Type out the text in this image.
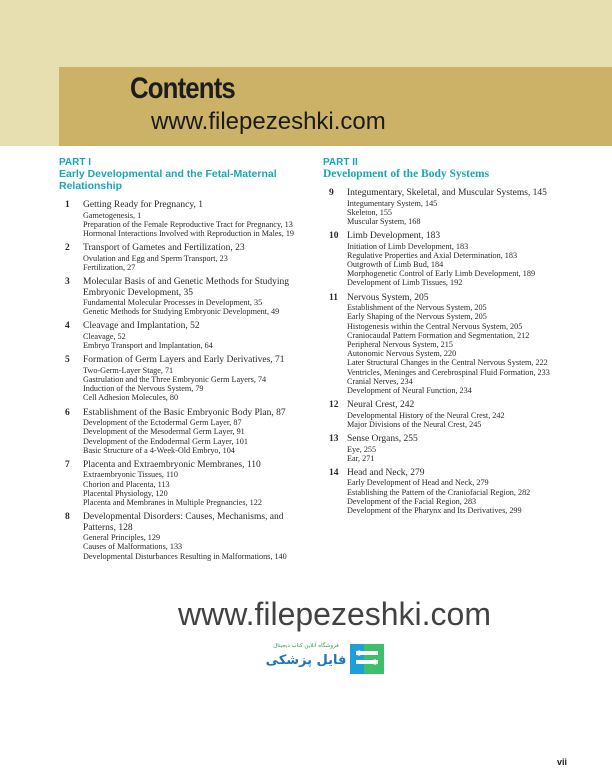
Contents
www.filepezeshki.com

PART I

Early Developmental and the Fetal-Maternal Relationship

1 Getting Ready for Pregnancy, 1
Gametogenesis, 1
Preparation of the Female Reproductive Tract for Pregnancy, 13
Hormonal Interactions Involved with Reproduction in Males, 19
2 Transport of Gametes and Fertilization, 23
Ovulation and Egg and Sperm Transport, 23
Fertilization, 27
3 Molecular Basis of and Genetic Methods for Studying Embryonic Development, 35
Fundamental Molecular Processes in Development, 35
Genetic Methods for Studying Embryonic Development, 49
4 Cleavage and Implantation, 52
Cleavage, 52
Embryo Transport and Implantation, 64
5 Formation of Germ Layers and Early Derivatives, 71
Two-Germ-Layer Stage, 71
Gastrulation and the Three Embryonic Germ Layers, 74
Induction of the Nervous System, 79
Cell Adhesion Molecules, 80
6 Establishment of the Basic Embryonic Body Plan, 87
Development of the Ectodermal Germ Layer, 87
Development of the Mesodermal Germ Layer, 91
Development of the Endodermal Germ Layer, 101
Basic Structure of a 4-Week-Old Embryo, 104
7 Placenta and Extraembryonic Membranes, 110
Extraembryonic Tissues, 110
Chorion and Placenta, 113
Placental Physiology, 120
Placenta and Membranes in Multiple Pregnancies, 122
8 Developmental Disorders: Causes, Mechanisms, and Patterns, 128
General Principles, 129
Causes of Malformations, 133
Developmental Disturbances Resulting in Malformations, 140

PART II

Development of the Body Systems

9 Integumentary, Skeletal, and Muscular Systems, 145
Integumentary System, 145
Skeleton, 155
Muscular System, 168
10 Limb Development, 183
Initiation of Limb Development, 183
Regulative Properties and Axial Determination, 183
Outgrowth of Limb Bud, 184
Morphogenetic Control of Early Limb Development, 189
Development of Limb Tissues, 192
11 Nervous System, 205
Establishment of the Nervous System, 205
Early Shaping of the Nervous System, 205
Histogenesis within the Central Nervous System, 205
Craniocaudal Pattern Formation and Segmentation, 212
Peripheral Nervous System, 215
Autonomic Nervous System, 220
Later Structural Changes in the Central Nervous System, 222
Ventricles, Meninges and Cerebrospinal Fluid Formation, 233
Cranial Nerves, 234
Development of Neural Function, 234
12 Neural Crest, 242
Developmental History of the Neural Crest, 242
Major Divisions of the Neural Crest, 245
13 Sense Organs, 255
Eye, 255
Ear, 271
14 Head and Neck, 279
Early Development of Head and Neck, 279
Establishing the Pattern of the Craniofacial Region, 282
Development of the Facial Region, 283
Development of the Pharynx and Its Derivatives, 299
www.filepezeshki.com
فایل پزشکی
فروشگاه آنلاین کتاب دیجیتال

vii
